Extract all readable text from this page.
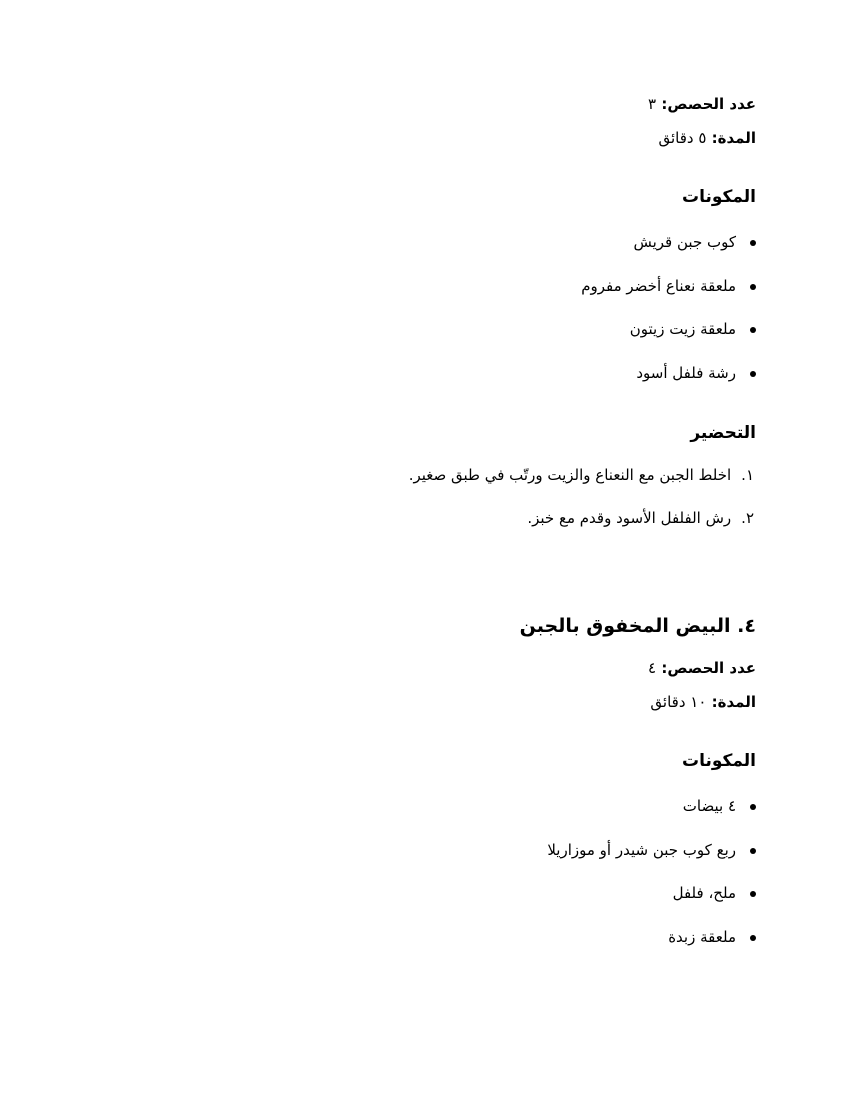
عدد الحصص: ٣

المدة: ٥ دقائق

المكونات

كوب جبن قريش

ملعقة نعناع أخضر مفروم

ملعقة زيت زيتون

رشة فلفل أسود

التحضير

١.
اخلط الجبن مع النعناع والزيت ورتّب في طبق صغير.

٢.
رش الفلفل الأسود وقدم مع خبز.

٤. البيض المخفوق بالجبن

عدد الحصص: ٤

المدة: ١٠ دقائق

المكونات

٤ بيضات

ربع كوب جبن شيدر أو موزاريلا

ملح، فلفل

ملعقة زبدة
